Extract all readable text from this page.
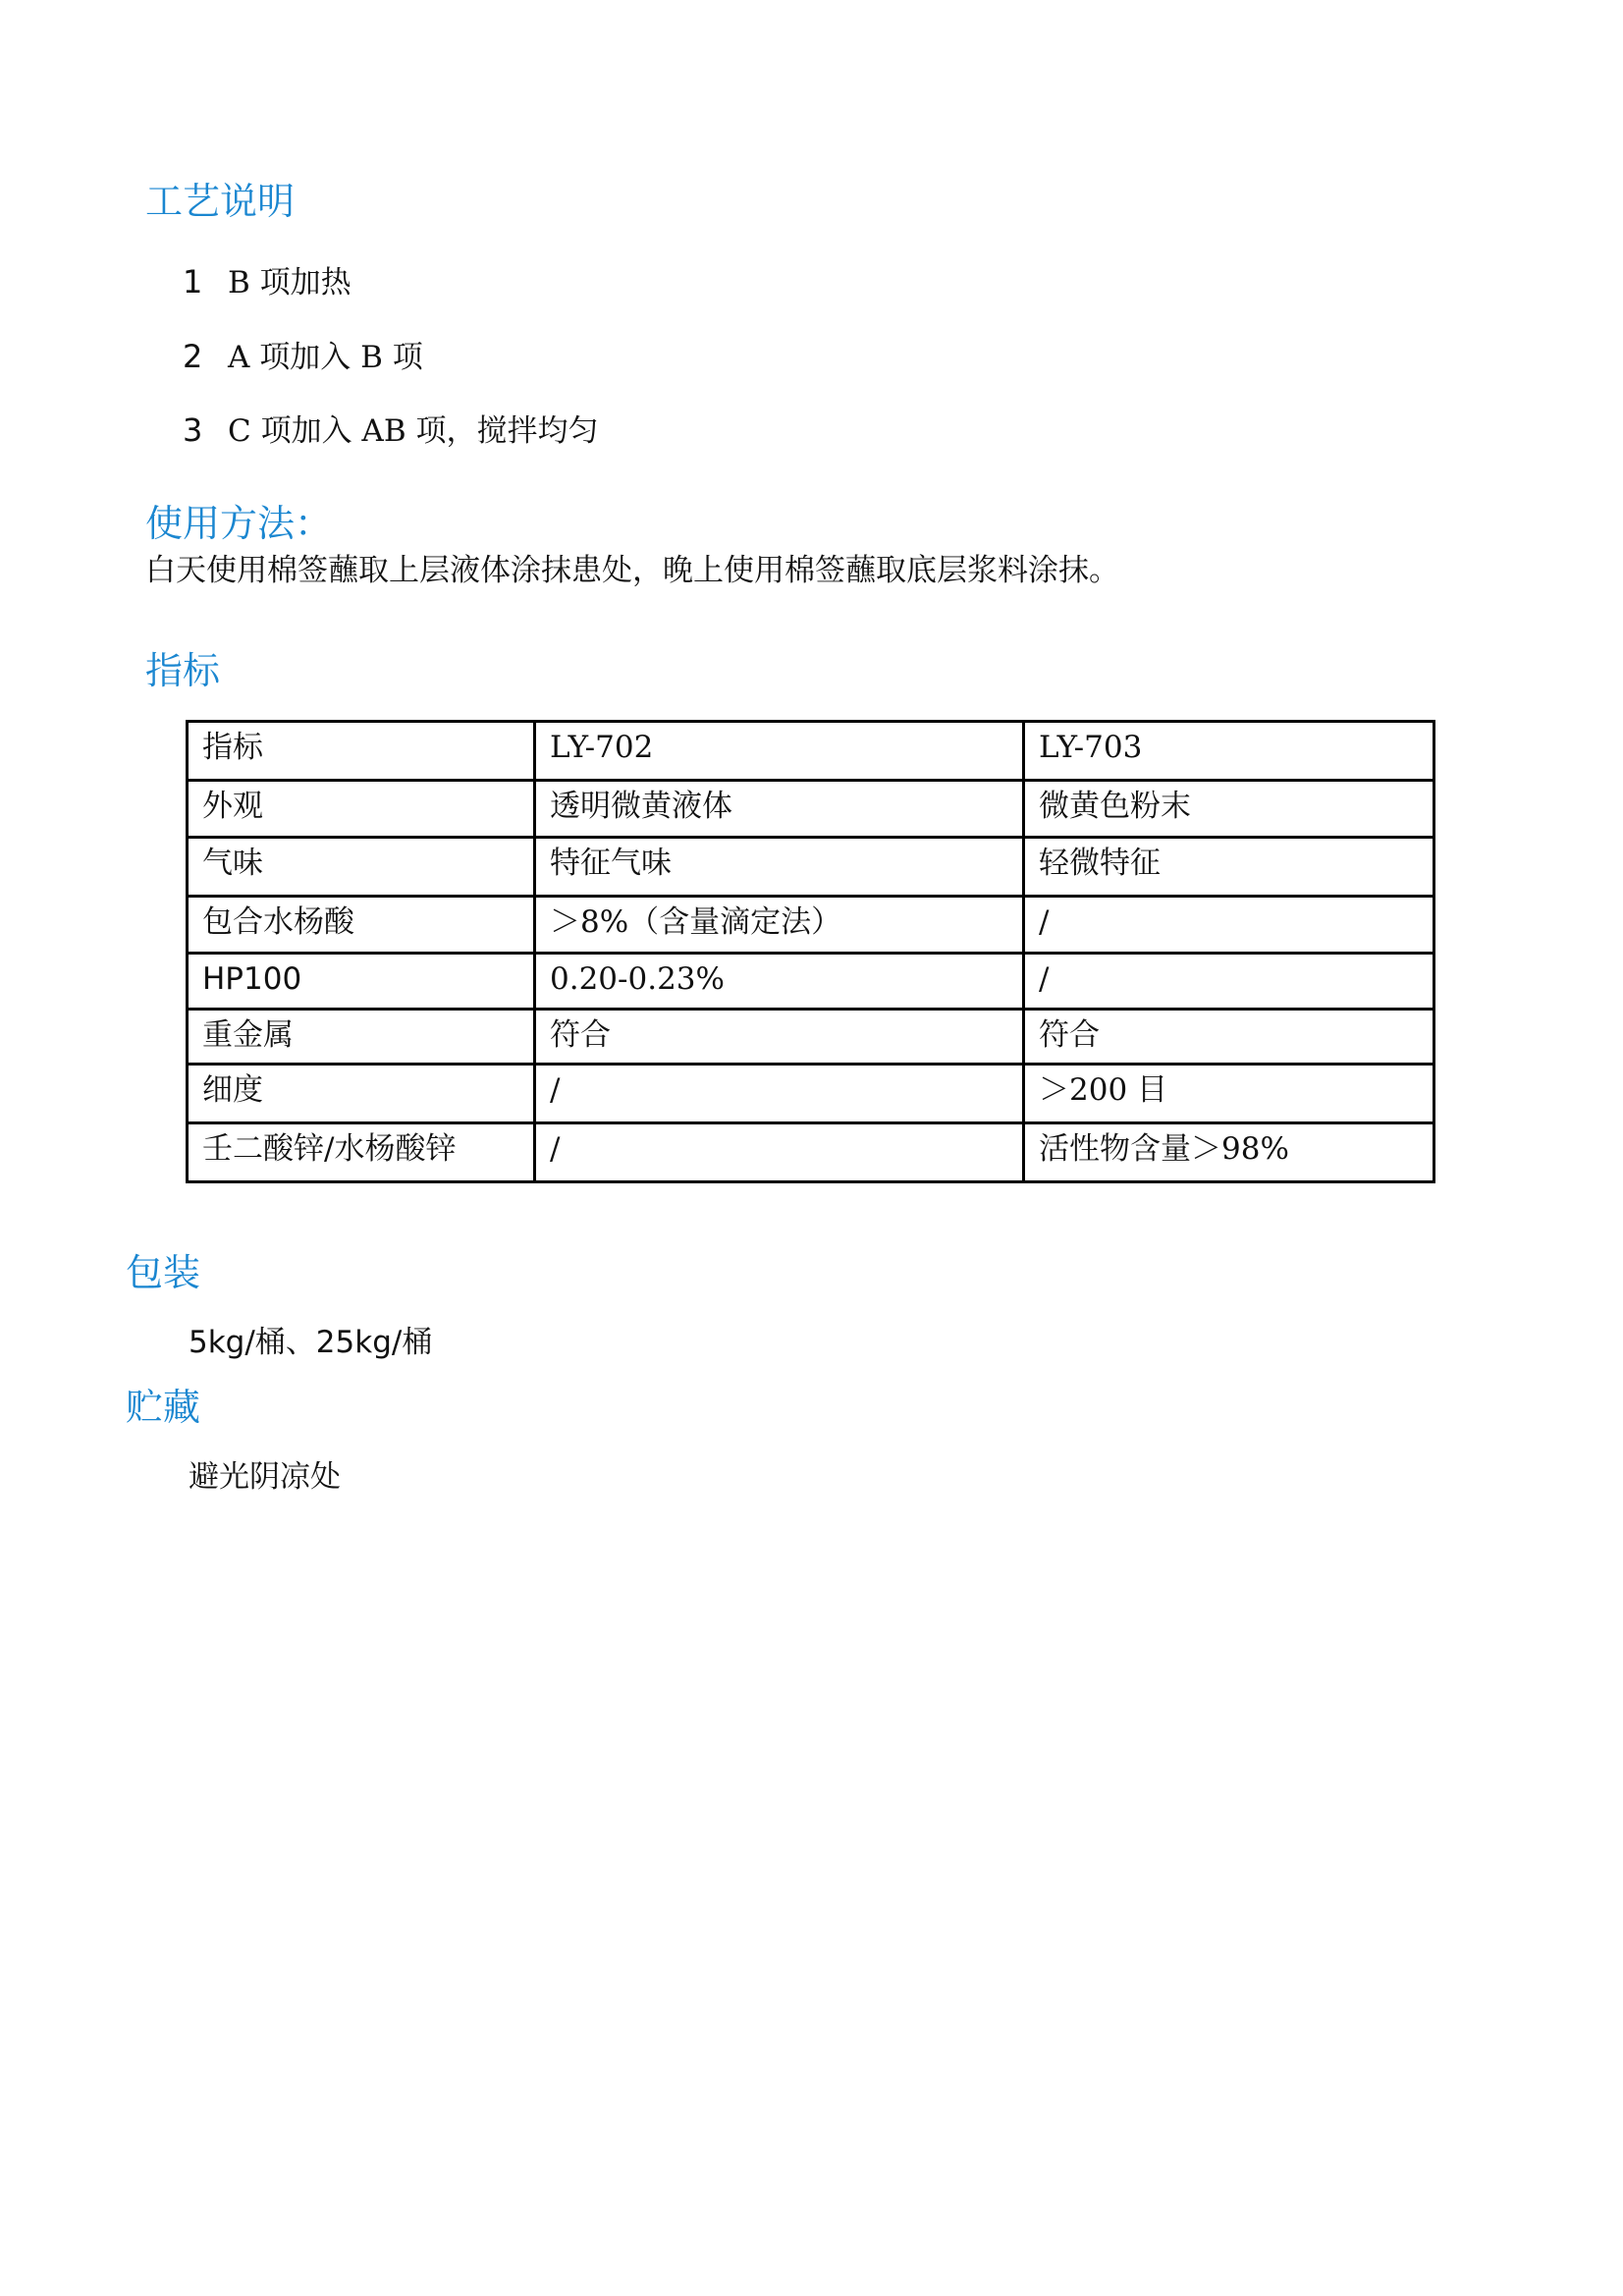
工艺说明
1 B 项加热
2 A 项加入 B 项
3 C 项加入 AB 项，搅拌均匀
使用方法：
白天使用棉签蘸取上层液体涂抹患处，晚上使用棉签蘸取底层浆料涂抹。
指标
指标	LY-702	LY-703
外观	透明微黄液体	微黄色粉末
气味	特征气味	轻微特征
包合水杨酸	＞8%（含量滴定法）	/
HP100	0.20-0.23%	/
重金属	符合	符合
细度	/	＞200 目
壬二酸锌/水杨酸锌	/	活性物含量＞98%
包装
5kg/桶、25kg/桶
贮藏
避光阴凉处
